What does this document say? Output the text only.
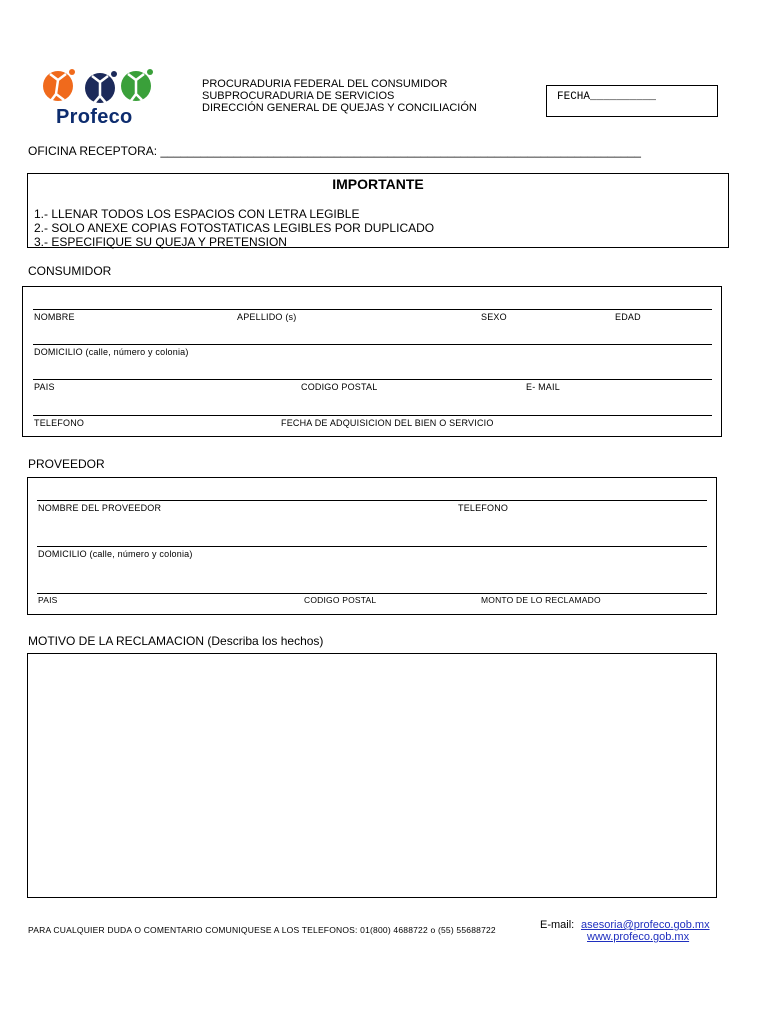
Profeco
PROCURADURIA FEDERAL DEL CONSUMIDOR
SUBPROCURADURIA DE SERVICIOS
DIRECCIÓN GENERAL DE QUEJAS Y CONCILIACIÓN
FECHA__________
OFICINA RECEPTORA: ________________________________________________________________________
IMPORTANTE
1.- LLENAR TODOS LOS ESPACIOS CON LETRA LEGIBLE
2.- SOLO ANEXE COPIAS FOTOSTATICAS LEGIBLES POR DUPLICADO
3.- ESPECIFIQUE SU QUEJA Y PRETENSION
CONSUMIDOR
NOMBRE	APELLIDO (s)	SEXO	EDAD
DOMICILIO (calle, número y colonia)
PAIS	CODIGO POSTAL	E- MAIL
TELEFONO	FECHA DE ADQUISICION DEL BIEN O SERVICIO
PROVEEDOR
NOMBRE DEL PROVEEDOR	TELEFONO
DOMICILIO (calle, número y colonia)
PAIS	CODIGO POSTAL	MONTO DE LO RECLAMADO
MOTIVO DE LA RECLAMACION (Describa los hechos)
PARA CUALQUIER DUDA O COMENTARIO COMUNIQUESE A LOS TELEFONOS: 01(800) 4688722 o (55) 55688722	E-mail: asesoria@profeco.gob.mx
www.profeco.gob.mx
